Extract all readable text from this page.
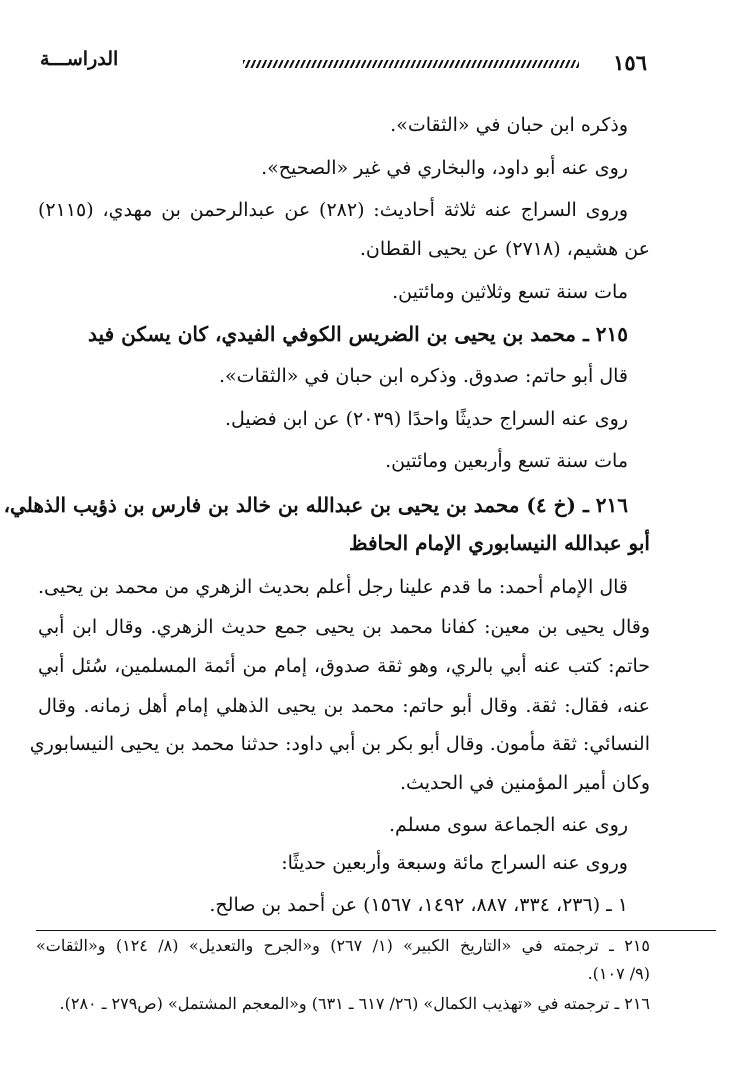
١٥٦
الدراســـة
وذكره ابن حبان في «الثقات».
روى عنه أبو داود، والبخاري في غير «الصحيح».
وروى السراج عنه ثلاثة أحاديث: (٢٨٢) عن عبدالرحمن بن مهدي، (٢١١٥)
عن هشيم، (٢٧١٨) عن يحيى القطان.
مات سنة تسع وثلاثين ومائتين.
٢١٥ ـ محمد بن يحيى بن الضريس الكوفي الفيدي، كان يسكن فيد
قال أبو حاتم: صدوق. وذكره ابن حبان في «الثقات».
روى عنه السراج حديثًا واحدًا (٢٠٣٩) عن ابن فضيل.
مات سنة تسع وأربعين ومائتين.
٢١٦ ـ (خ ٤) محمد بن يحيى بن عبدالله بن خالد بن فارس بن ذؤيب الذهلي،
أبو عبدالله النيسابوري الإمام الحافظ
قال الإمام أحمد: ما قدم علينا رجل أعلم بحديث الزهري من محمد بن يحيى.
وقال يحيى بن معين: كفانا محمد بن يحيى جمع حديث الزهري. وقال ابن أبي
حاتم: كتب عنه أبي بالري، وهو ثقة صدوق، إمام من أئمة المسلمين، سُئل أبي
عنه، فقال: ثقة. وقال أبو حاتم: محمد بن يحيى الذهلي إمام أهل زمانه. وقال
النسائي: ثقة مأمون. وقال أبو بكر بن أبي داود: حدثنا محمد بن يحيى النيسابوري
وكان أمير المؤمنين في الحديث.
روى عنه الجماعة سوى مسلم.
وروى عنه السراج مائة وسبعة وأربعين حديثًا:
١ ـ (٢٣٦، ٣٣٤، ٨٨٧، ١٤٩٢، ١٥٦٧) عن أحمد بن صالح.
٢١٥ ـ ترجمته في «التاريخ الكبير» (١/ ٢٦٧) و«الجرح والتعديل» (٨/ ١٢٤) و«الثقات»
(٩/ ١٠٧).
٢١٦ ـ ترجمته في «تهذيب الكمال» (٢٦/ ٦١٧ ـ ٦٣١) و«المعجم المشتمل» (ص٢٧٩ ـ ٢٨٠).
